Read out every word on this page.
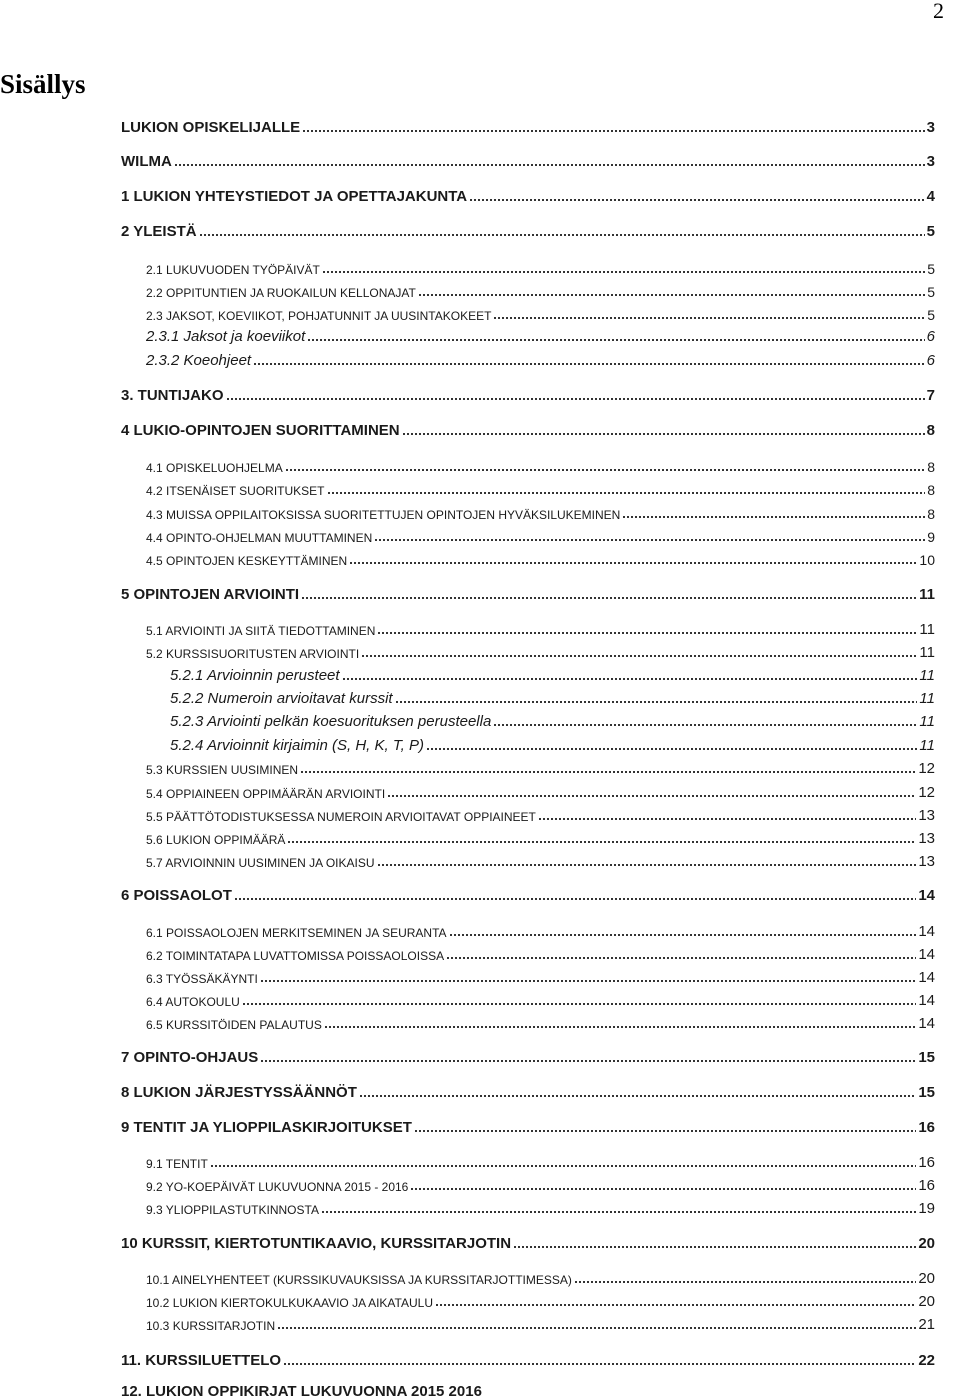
2
Sisällys
LUKION OPISKELIJALLE	3
WILMA	3
1 LUKION YHTEYSTIEDOT JA OPETTAJAKUNTA	4
2 YLEISTÄ	5
2.1 LUKUVUODEN TYÖPÄIVÄT	5
2.2 OPPITUNTIEN JA RUOKAILUN KELLONAJAT	5
2.3 JAKSOT, KOEVIIKOT, POHJATUNNIT JA UUSINTAKOKEET	5
2.3.1 Jaksot ja koeviikot	6
2.3.2 Koeohjeet	6
3. TUNTIJAKO	7
4 LUKIO-OPINTOJEN SUORITTAMINEN	8
4.1 OPISKELUOHJELMA	8
4.2 ITSENÄISET SUORITUKSET	8
4.3 MUISSA OPPILAITOKSISSA SUORITETTUJEN OPINTOJEN HYVÄKSILUKEMINEN	8
4.4 OPINTO-OHJELMAN MUUTTAMINEN	9
4.5 OPINTOJEN KESKEYTTÄMINEN	10
5 OPINTOJEN ARVIOINTI	11
5.1 ARVIOINTI JA SIITÄ TIEDOTTAMINEN	11
5.2 KURSSISUORITUSTEN ARVIOINTI	11
5.2.1 Arvioinnin perusteet	11
5.2.2 Numeroin arvioitavat kurssit	11
5.2.3 Arviointi pelkän koesuorituksen perusteella	11
5.2.4 Arvioinnit kirjaimin (S, H, K, T, P)	11
5.3 KURSSIEN UUSIMINEN	12
5.4 OPPIAINEEN OPPIMÄÄRÄN ARVIOINTI	12
5.5 PÄÄTTÖTODISTUKSESSA NUMEROIN ARVIOITAVAT OPPIAINEET	13
5.6 LUKION OPPIMÄÄRÄ	13
5.7 ARVIOINNIN UUSIMINEN JA OIKAISU	13
6 POISSAOLOT	14
6.1 POISSAOLOJEN MERKITSEMINEN JA SEURANTA	14
6.2 TOIMINTATAPA LUVATTOMISSA POISSAOLOISSA	14
6.3 TYÖSSÄKÄYNTI	14
6.4 AUTOKOULU	14
6.5 KURSSITÖIDEN PALAUTUS	14
7 OPINTO-OHJAUS	15
8 LUKION JÄRJESTYSSÄÄNNÖT	15
9 TENTIT JA YLIOPPILASKIRJOITUKSET	16
9.1 TENTIT	16
9.2 YO-KOEPÄIVÄT LUKUVUONNA 2015 - 2016	16
9.3 YLIOPPILASTUTKINNOSTA	19
10 KURSSIT, KIERTOTUNTIKAAVIO, KURSSITARJOTIN	20
10.1 AINELYHENTEET (KURSSIKUVAUKSISSA JA KURSSITARJOTTIMESSA)	20
10.2 LUKION KIERTOKULKUKAAVIO JA AIKATAULU	20
10.3 KURSSITARJOTIN	21
11. KURSSILUETTELO	22
12. LUKION OPPIKIRJAT LUKUVUONNA 2015 2016
